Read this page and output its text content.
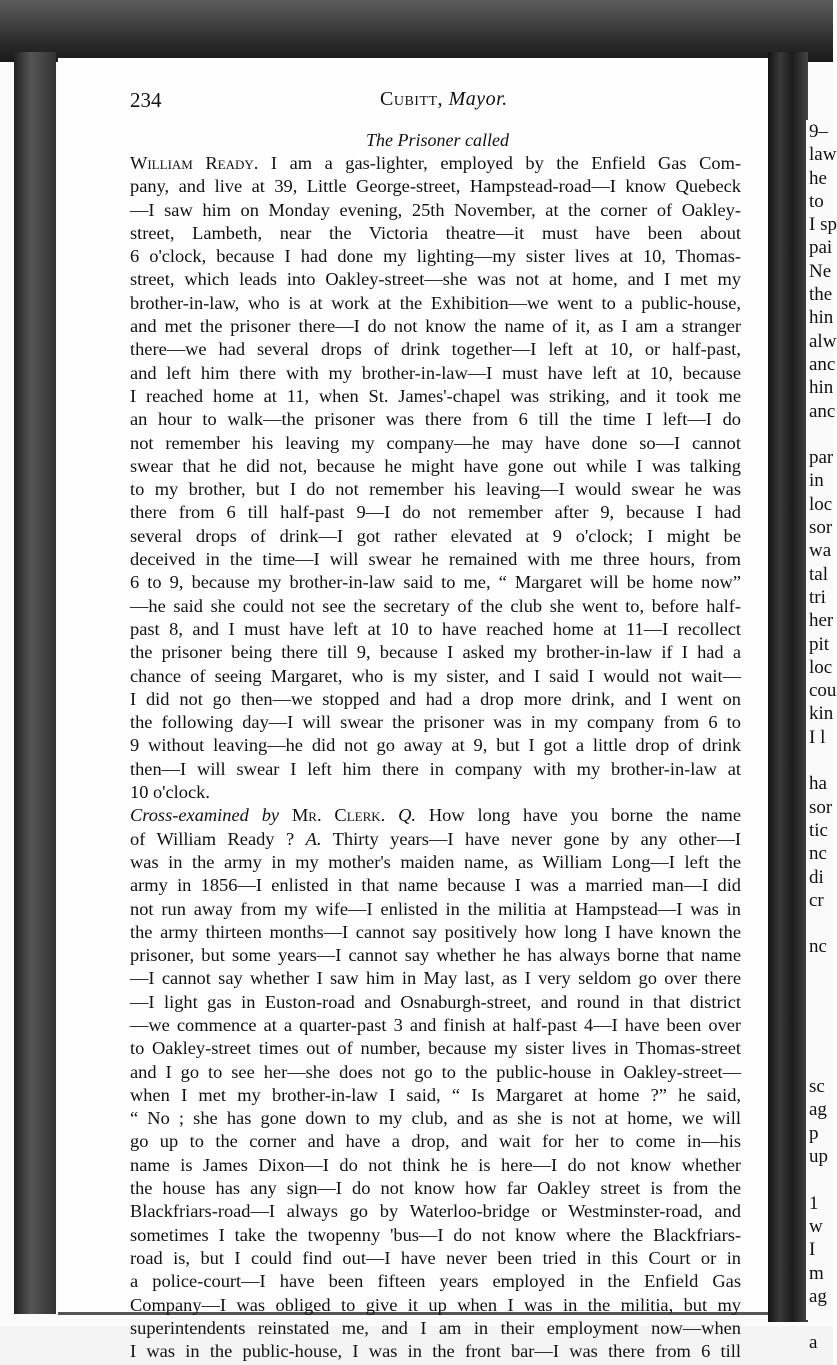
9–

law

he

to

I sp

pai

Ne

the

hin

alw

anc

hin

anc

par

in

loc

sor

wa

tal

tri

her

pit

loc

cou

kin

I l

ha

sor

tic

nc

di

cr

nc

sc

ag

p

up

1

w

I

m

ag

a

234	Cubitt, Mayor.
The Prisoner called

William Ready. I am a gas-lighter, employed by the Enfield Gas Com-

pany, and live at 39, Little George-street, Hampstead-road—I know Quebeck

—I saw him on Monday evening, 25th November, at the corner of Oakley-

street, Lambeth, near the Victoria theatre—it must have been about

6 o'clock, because I had done my lighting—my sister lives at 10, Thomas-

street, which leads into Oakley-street—she was not at home, and I met my

brother-in-law, who is at work at the Exhibition—we went to a public-house,

and met the prisoner there—I do not know the name of it, as I am a stranger

there—we had several drops of drink together—I left at 10, or half-past,

and left him there with my brother-in-law—I must have left at 10, because

I reached home at 11, when St. James'-chapel was striking, and it took me

an hour to walk—the prisoner was there from 6 till the time I left—I do

not remember his leaving my company—he may have done so—I cannot

swear that he did not, because he might have gone out while I was talking

to my brother, but I do not remember his leaving—I would swear he was

there from 6 till half-past 9—I do not remember after 9, because I had

several drops of drink—I got rather elevated at 9 o'clock; I might be

deceived in the time—I will swear he remained with me three hours, from

6 to 9, because my brother-in-law said to me, “ Margaret will be home now”

—he said she could not see the secretary of the club she went to, before half-

past 8, and I must have left at 10 to have reached home at 11—I recollect

the prisoner being there till 9, because I asked my brother-in-law if I had a

chance of seeing Margaret, who is my sister, and I said I would not wait—

I did not go then—we stopped and had a drop more drink, and I went on

the following day—I will swear the prisoner was in my company from 6 to

9 without leaving—he did not go away at 9, but I got a little drop of drink

then—I will swear I left him there in company with my brother-in-law at

10 o'clock.

Cross-examined by Mr. Clerk. Q. How long have you borne the name

of William Ready ? A. Thirty years—I have never gone by any other—I

was in the army in my mother's maiden name, as William Long—I left the

army in 1856—I enlisted in that name because I was a married man—I did

not run away from my wife—I enlisted in the militia at Hampstead—I was in

the army thirteen months—I cannot say positively how long I have known the

prisoner, but some years—I cannot say whether he has always borne that name

—I cannot say whether I saw him in May last, as I very seldom go over there

—I light gas in Euston-road and Osnaburgh-street, and round in that district

—we commence at a quarter-past 3 and finish at half-past 4—I have been over

to Oakley-street times out of number, because my sister lives in Thomas-street

and I go to see her—she does not go to the public-house in Oakley-street—

when I met my brother-in-law I said, “ Is Margaret at home ?” he said,

“ No ; she has gone down to my club, and as she is not at home, we will

go up to the corner and have a drop, and wait for her to come in—his

name is James Dixon—I do not think he is here—I do not know whether

the house has any sign—I do not know how far Oakley street is from the

Blackfriars-road—I always go by Waterloo-bridge or Westminster-road, and

sometimes I take the twopenny 'bus—I do not know where the Blackfriars-

road is, but I could find out—I have never been tried in this Court or in

a police-court—I have been fifteen years employed in the Enfield Gas

Company—I was obliged to give it up when I was in the militia, but my

superintendents reinstated me, and I am in their employment now—when

I was in the public-house, I was in the front bar—I was there from 6 till
